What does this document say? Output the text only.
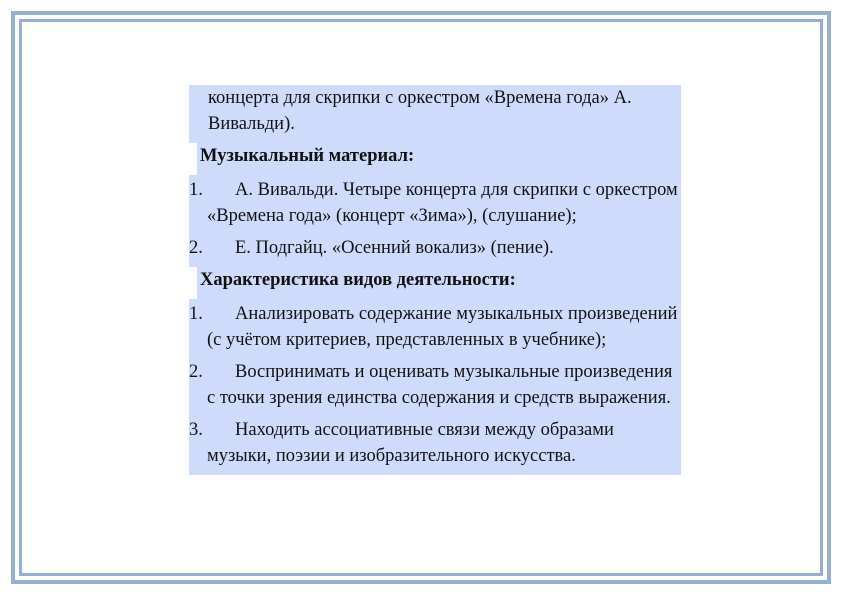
концерта для скрипки с оркестром «Времена года» А. Вивальди).
Музыкальный материал:
1.	А. Вивальди. Четыре концерта для скрипки с оркестром «Времена года» (концерт «Зима»), (слушание);
2.	Е. Подгайц. «Осенний вокализ» (пение).
Характеристика видов деятельности:
1.	Анализировать содержание музыкальных произведений (с учётом критериев, представленных в учебнике);
2.	Воспринимать и оценивать музыкальные произведения с точки зрения единства содержания и средств выражения.
3.	Находить ассоциативные связи между образами музыки, поэзии и изобразительного искусства.
